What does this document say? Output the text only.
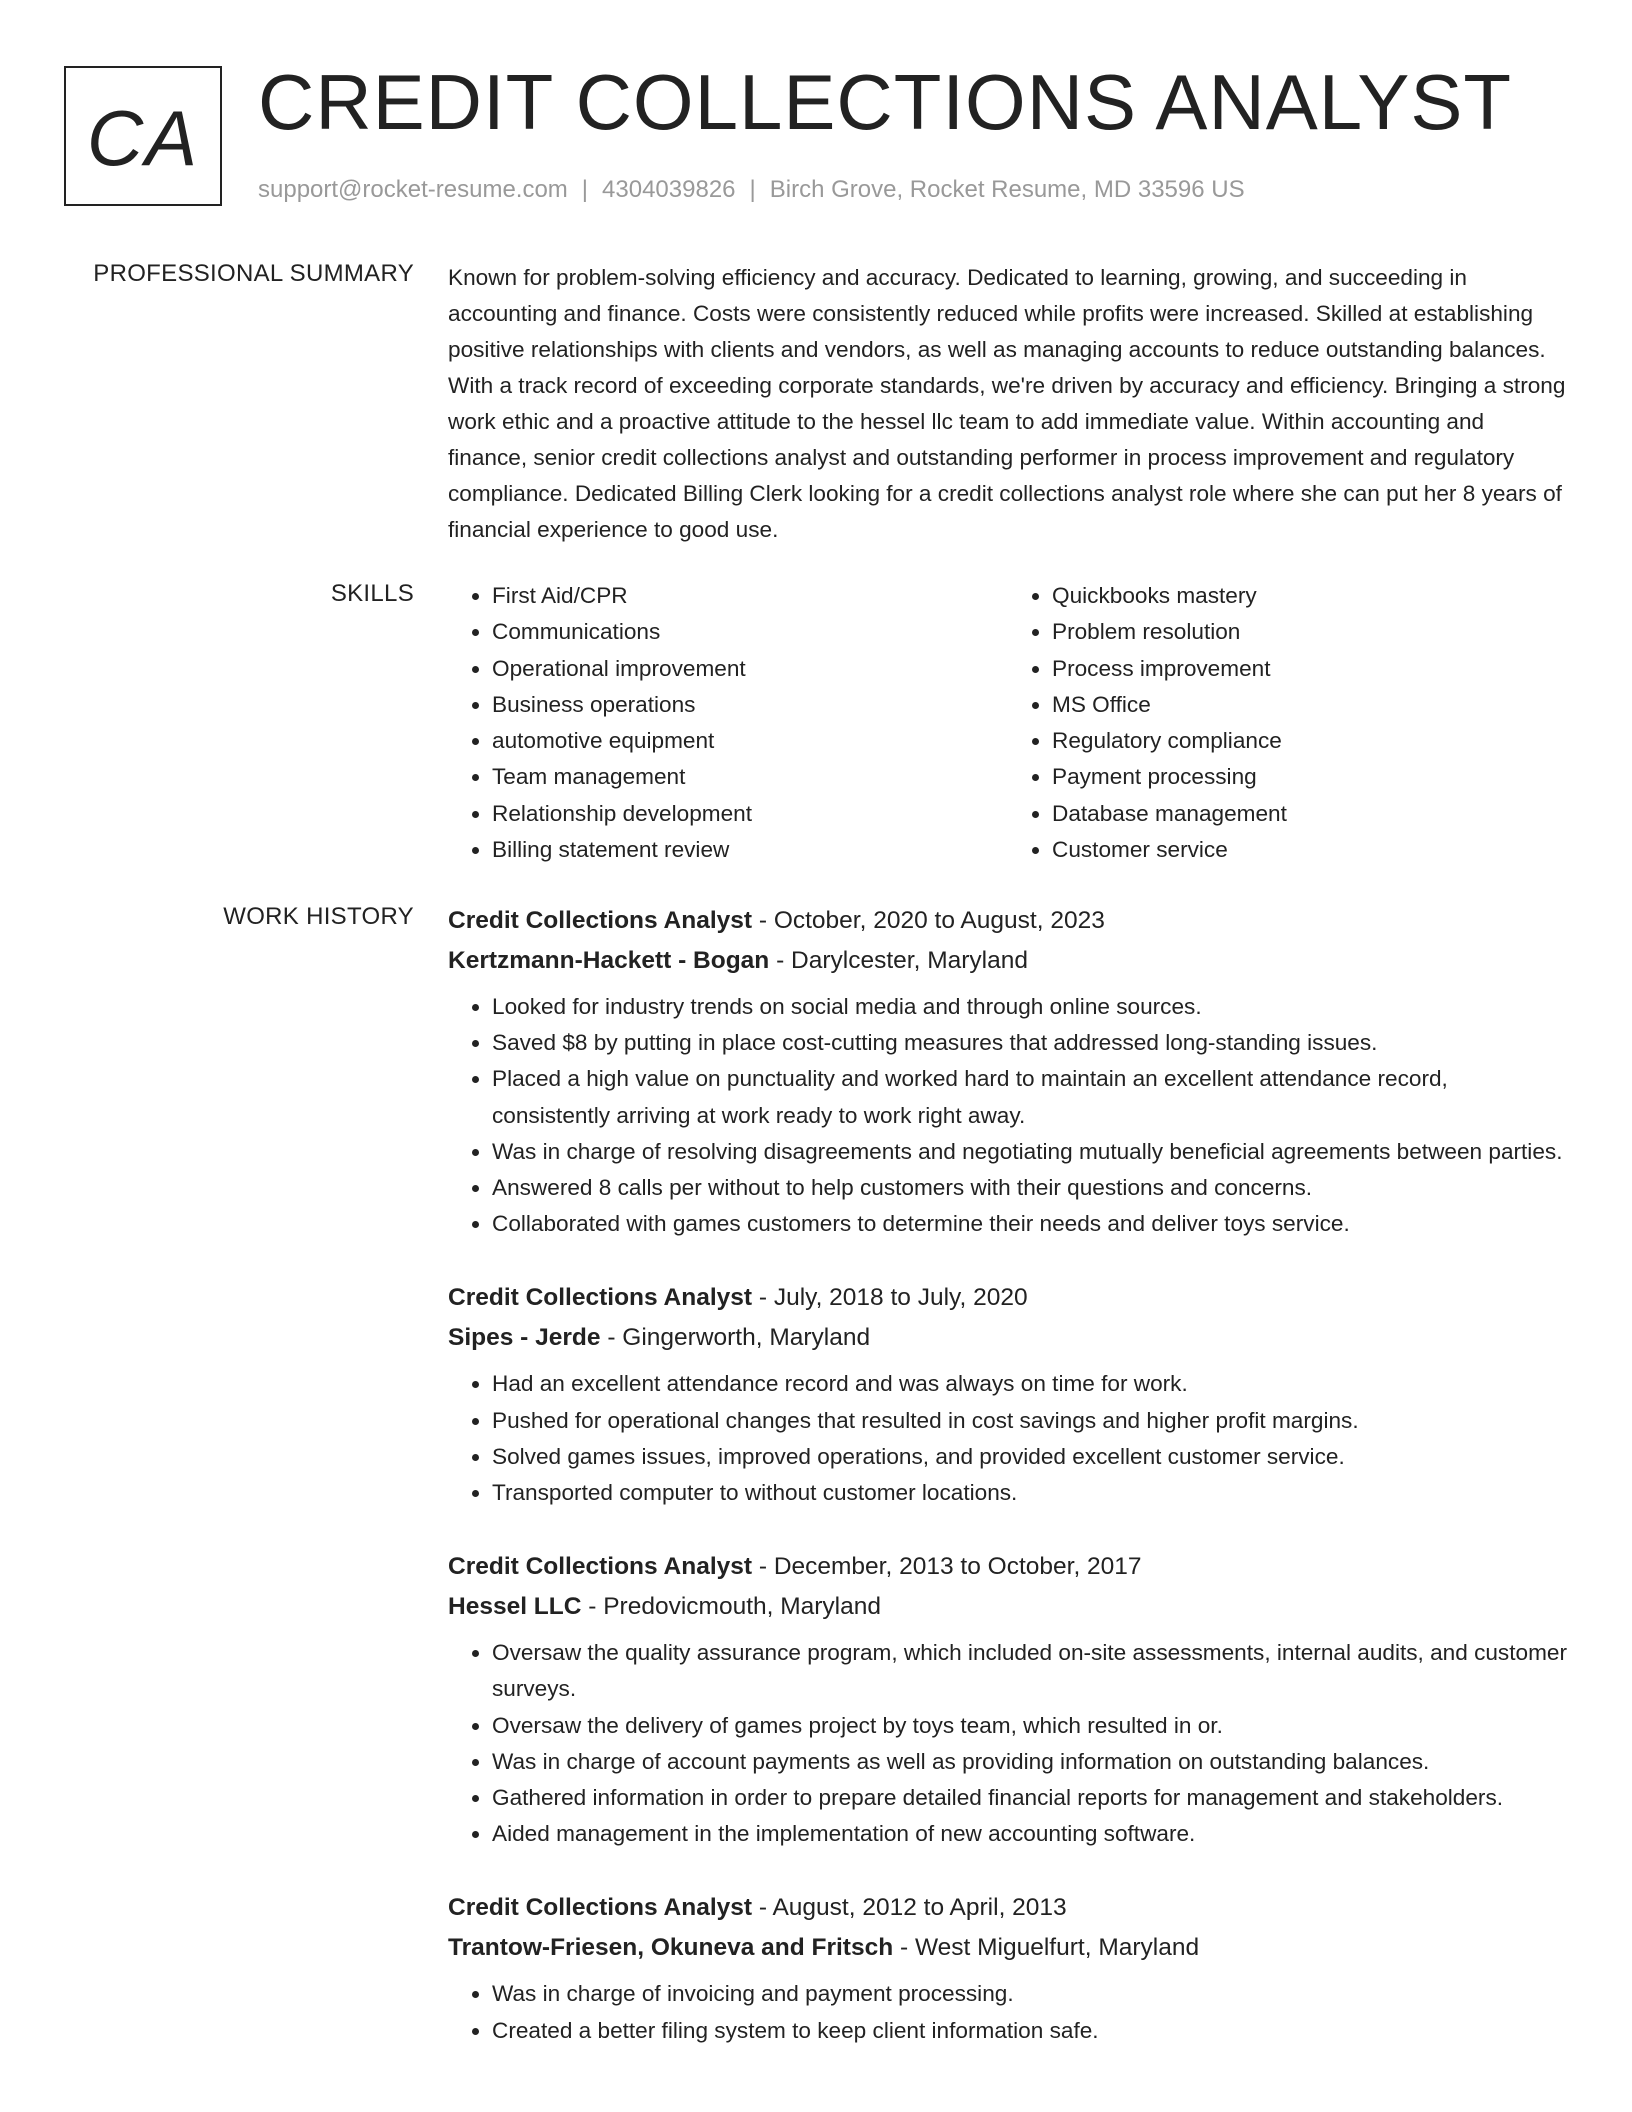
CA CREDIT COLLECTIONS ANALYST
support@rocket-resume.com | 4304039826 | Birch Grove, Rocket Resume, MD 33596 US
PROFESSIONAL SUMMARY Known for problem-solving efficiency and accuracy. Dedicated to learning, growing, and succeeding in accounting and finance. Costs were consistently reduced while profits were increased. Skilled at establishing positive relationships with clients and vendors, as well as managing accounts to reduce outstanding balances. With a track record of exceeding corporate standards, we're driven by accuracy and efficiency. Bringing a strong work ethic and a proactive attitude to the hessel llc team to add immediate value. Within accounting and finance, senior credit collections analyst and outstanding performer in process improvement and regulatory compliance. Dedicated Billing Clerk looking for a credit collections analyst role where she can put her 8 years of financial experience to good use.

SKILLS
•	First Aid/CPR
• Communications
• Operational improvement
• Business operations
• automotive equipment
• Team management
• Relationship development
• Billing statement review
• Quickbooks mastery
• Problem resolution
• Process improvement
• MS Office
• Regulatory compliance
• Payment processing
• Database management
• Customer service
WORK HISTORY Credit Collections Analyst - October, 2020 to August, 2023
Kertzmann-Hackett - Bogan - Darylcester, Maryland
• Looked for industry trends on social media and through online sources.
• Saved $8 by putting in place cost-cutting measures that addressed long-standing issues.
• Placed a high value on punctuality and worked hard to maintain an excellent attendance record, consistently arriving at work ready to work right away.
• Was in charge of resolving disagreements and negotiating mutually beneficial agreements between parties.
• Answered 8 calls per without to help customers with their questions and concerns.
• Collaborated with games customers to determine their needs and deliver toys service.
Credit Collections Analyst - July, 2018 to July, 2020
Sipes - Jerde - Gingerworth, Maryland
• Had an excellent attendance record and was always on time for work.
• Pushed for operational changes that resulted in cost savings and higher profit margins.
• Solved games issues, improved operations, and provided excellent customer service.
• Transported computer to without customer locations.
Credit Collections Analyst - December, 2013 to October, 2017
Hessel LLC - Predovicmouth, Maryland
• Oversaw the quality assurance program, which included on-site assessments, internal audits, and customer surveys.
• Oversaw the delivery of games project by toys team, which resulted in or.
• Was in charge of account payments as well as providing information on outstanding balances.
• Gathered information in order to prepare detailed financial reports for management and stakeholders.
• Aided management in the implementation of new accounting software.
Credit Collections Analyst - August, 2012 to April, 2013
Trantow-Friesen, Okuneva and Fritsch - West Miguelfurt, Maryland
• Was in charge of invoicing and payment processing.
• Created a better filing system to keep client information safe.
